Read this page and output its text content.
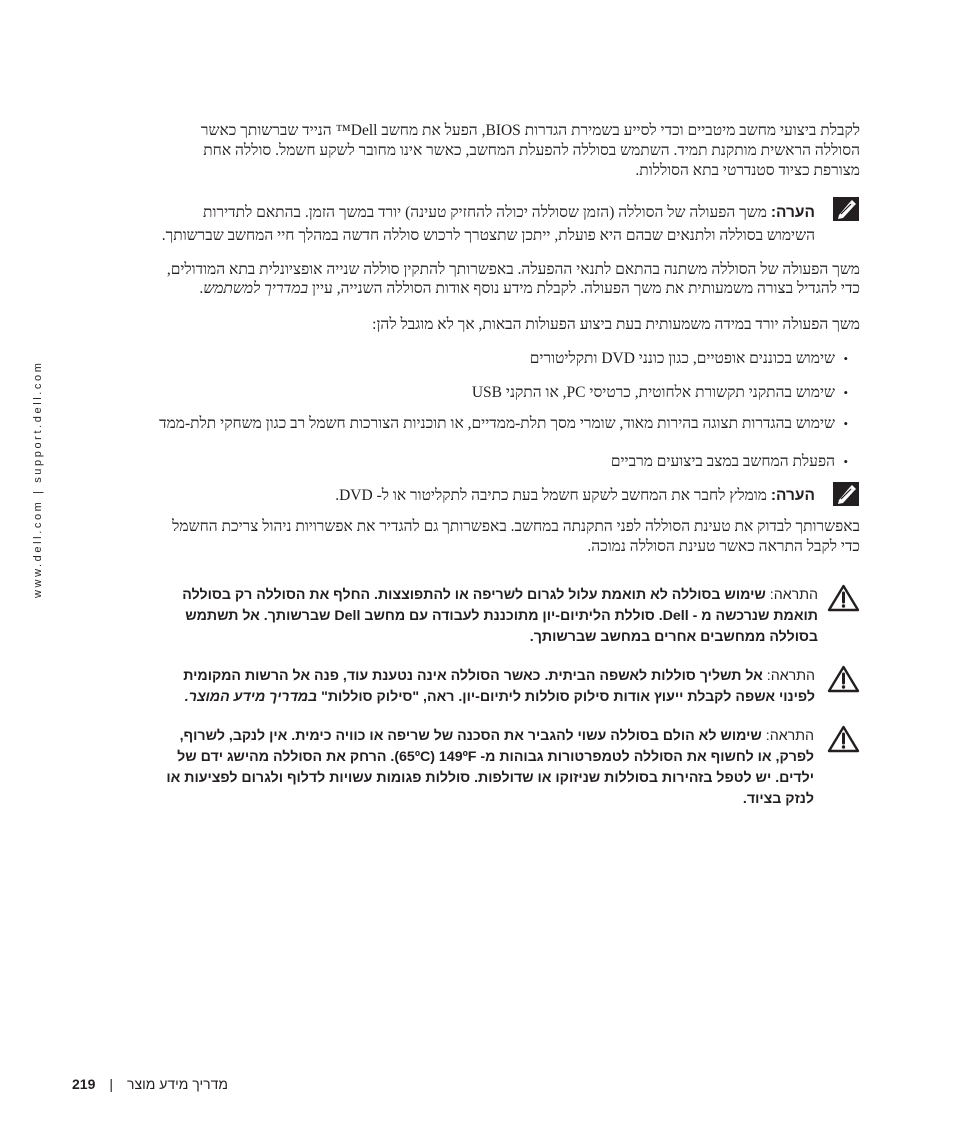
www.dell.com | support.dell.com

לקבלת ביצועי מחשב מיטביים וכדי לסייע בשמירת הגדרות BIOS, הפעל את מחשב Dell™ הנייד שברשותך כאשר הסוללה הראשית מותקנת תמיד. השתמש בסוללה להפעלת המחשב, כאשר אינו מחובר לשקע חשמל. סוללה אחת מצורפת כציוד סטנדרטי בתא הסוללות.

הערה: משך הפעולה של הסוללה (הזמן שסוללה יכולה להחזיק טעינה) יורד במשך הזמן. בהתאם לתדירות השימוש בסוללה ולתנאים שבהם היא פועלת, ייתכן שתצטרך לרכוש סוללה חדשה במהלך חיי המחשב שברשותך.

משך הפעולה של הסוללה משתנה בהתאם לתנאי ההפעלה. באפשרותך להתקין סוללה שנייה אופציונלית בתא המודולים, כדי להגדיל בצורה משמעותית את משך הפעולה. לקבלת מידע נוסף אודות הסוללה השנייה, עיין במדריך למשתמש.

משך הפעולה יורד במידה משמעותית בעת ביצוע הפעולות הבאות, אך לא מוגבל להן:

• שימוש בכוננים אופטיים, כגון כונני DVD ותקליטורים
• שימוש בהתקני תקשורת אלחוטית, כרטיסי PC, או התקני USB
• שימוש בהגדרות תצוגה בהירות מאוד, שומרי מסך תלת-ממדיים, או תוכניות הצורכות חשמל רב כגון משחקי תלת-ממד
• הפעלת המחשב במצב ביצועים מרביים
הערה: מומלץ לחבר את המחשב לשקע חשמל בעת כתיבה לתקליטור או ל- DVD.

באפשרותך לבדוק את טעינת הסוללה לפני התקנתה במחשב. באפשרותך גם להגדיר את אפשרויות ניהול צריכת החשמל כדי לקבל התראה כאשר טעינת הסוללה נמוכה.

התראה: שימוש בסוללה לא תואמת עלול לגרום לשריפה או להתפוצצות. החלף את הסוללה רק בסוללה תואמת שנרכשה מ - Dell. סוללת הליתיום-יון מתוכננת לעבודה עם מחשב Dell שברשותך. אל תשתמש בסוללה ממחשבים אחרים במחשב שברשותך.
התראה: אל תשליך סוללות לאשפה הביתית. כאשר הסוללה אינה נטענת עוד, פנה אל הרשות המקומית לפינוי אשפה לקבלת ייעוץ אודות סילוק סוללות ליתיום-יון. ראה, "סילוק סוללות" במדריך מידע המוצר.
התראה: שימוש לא הולם בסוללה עשוי להגביר את הסכנה של שריפה או כוויה כימית. אין לנקב, לשרוף, לפרק, או לחשוף את הסוללה לטמפרטורות גבוהות מ- 65ºC) 149ºF). הרחק את הסוללה מהישג ידם של ילדים. יש לטפל בזהירות בסוללות שניזוקו או שדולפות. סוללות פגומות עשויות לדלוף ולגרום לפציעות או לנזק בציוד.
219 | מדריך מידע מוצר
